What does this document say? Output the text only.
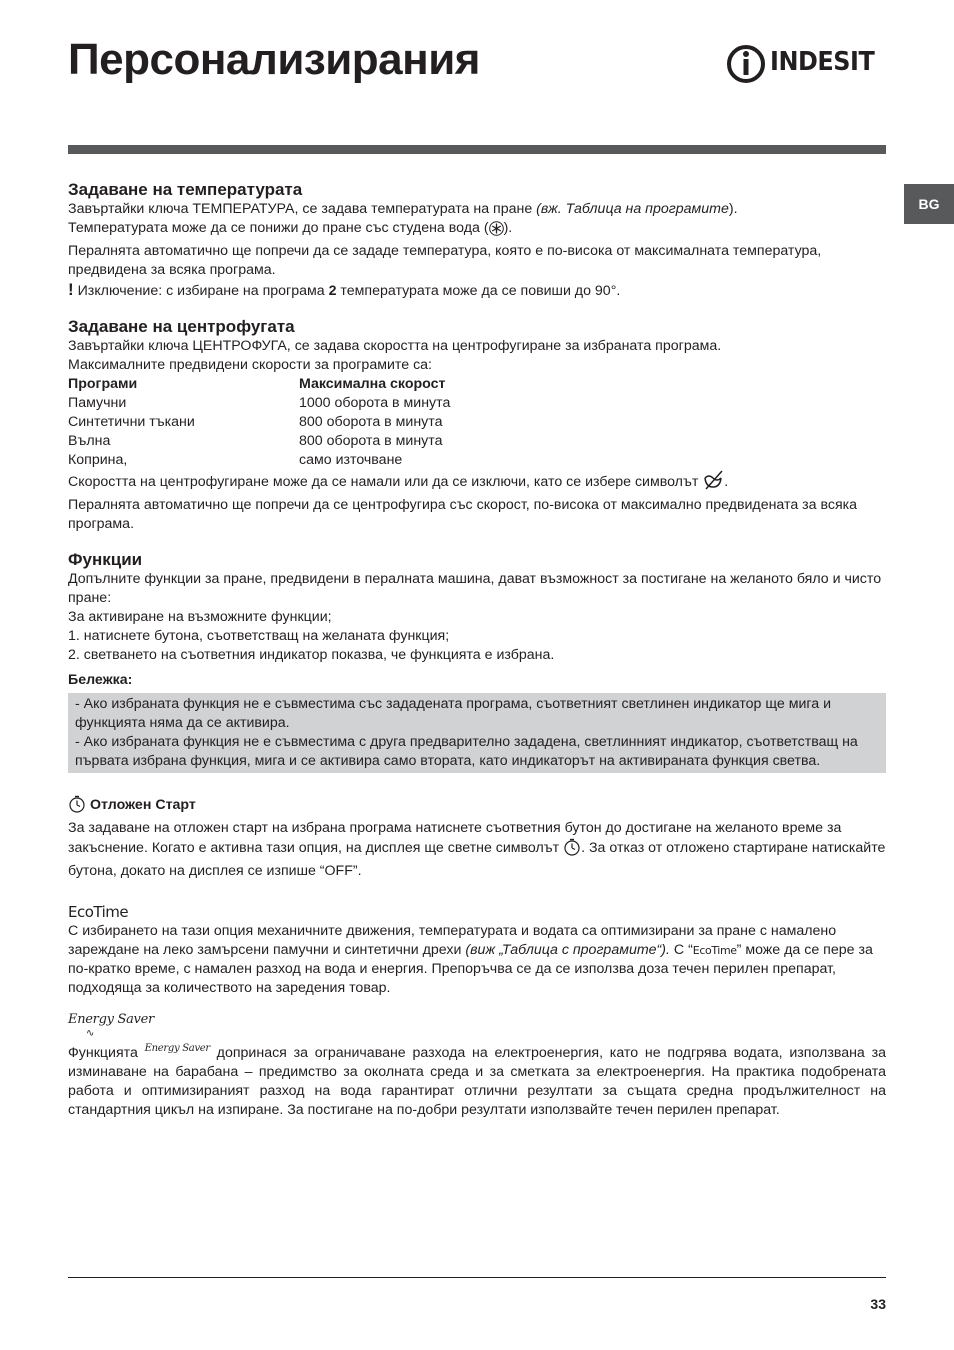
Персонализирания	INDESIT
BG
Задаване на температурата

Завъртайки ключа ТЕМПЕРАТУРА, се задава температурата на пране (вж. Таблица на програмите).

Температурата може да се понижи до пране със студена вода ( ).

Пералнята автоматично ще попречи да се зададе температура, която е по-висока от максималната температура, предвидена за всяка програма.

! Изключение: с избиране на програма 2 температурата може да се повиши до 90°.

Задаване на центрофугата

Завъртайки ключа ЦЕНТРОФУГА, се задава скоростта на центрофугиране за избраната програма.

Максималните предвидени скорости за програмите са:

Програми	Максимална скорост
Памучни	1000 оборота в минута
Синтетични тъкани	800 оборота в минута
Вълна	800 оборота в минута
Коприна,	само източване

Скоростта на центрофугиране може да се намали или да се изключи, като се избере символът .

Пералнята автоматично ще попречи да се центрофугира със скорост, по-висока от максимално предвидената за всяка програма.

Функции

Допълните функции за пране, предвидени в пералната машина, дават възможност за постигане на желаното бяло и чисто пране:

За активиране на възможните функции;

1. натиснете бутона, съответстващ на желаната функция;

2. светването на съответния индикатор показва, че функцията е избрана.

Бележка:

- Ако избраната функция не е съвместима със зададената програма, съответният светлинен индикатор ще мига и функцията няма да се активира.

- Ако избраната функция не е съвместима с друга предварително зададена, светлинният индикатор, съответстващ на първата избрана функция, мига и се активира само втората, като индикаторът на активираната функция светва.

Отложен Старт

За задаване на отложен старт на избрана програма натиснете съответния бутон до достигане на желаното време за закъснение. Когато е активна тази опция, на дисплея ще светне символът . За отказ от отложено стартиране натискайте бутона, докато на дисплея се изпише “OFF”.

EcoTime

С избирането на тази опция механичните движения, температурата и водата са оптимизирани за пране с намалено зареждане на леко замърсени памучни и синтетични дрехи (виж „Таблица с програмите“). С “EcoTime” може да се пере за по-кратко време, с намален разход на вода и енергия. Препоръчва се да се използва доза течен перилен препарат, подходяща за количеството на заредения товар.

Energy Saver

∿

Функцията Energy Saver допринася за ограничаване разхода на електроенергия, като не подгрява водата, използвана за изминаване на барабана – предимство за околната среда и за сметката за електроенергия. На практика подобрената работа и оптимизираният разход на вода гарантират отлични резултати за същата средна продължителност на стандартния цикъл на изпиране. За постигане на по-добри резултати използвайте течен перилен препарат.

33
